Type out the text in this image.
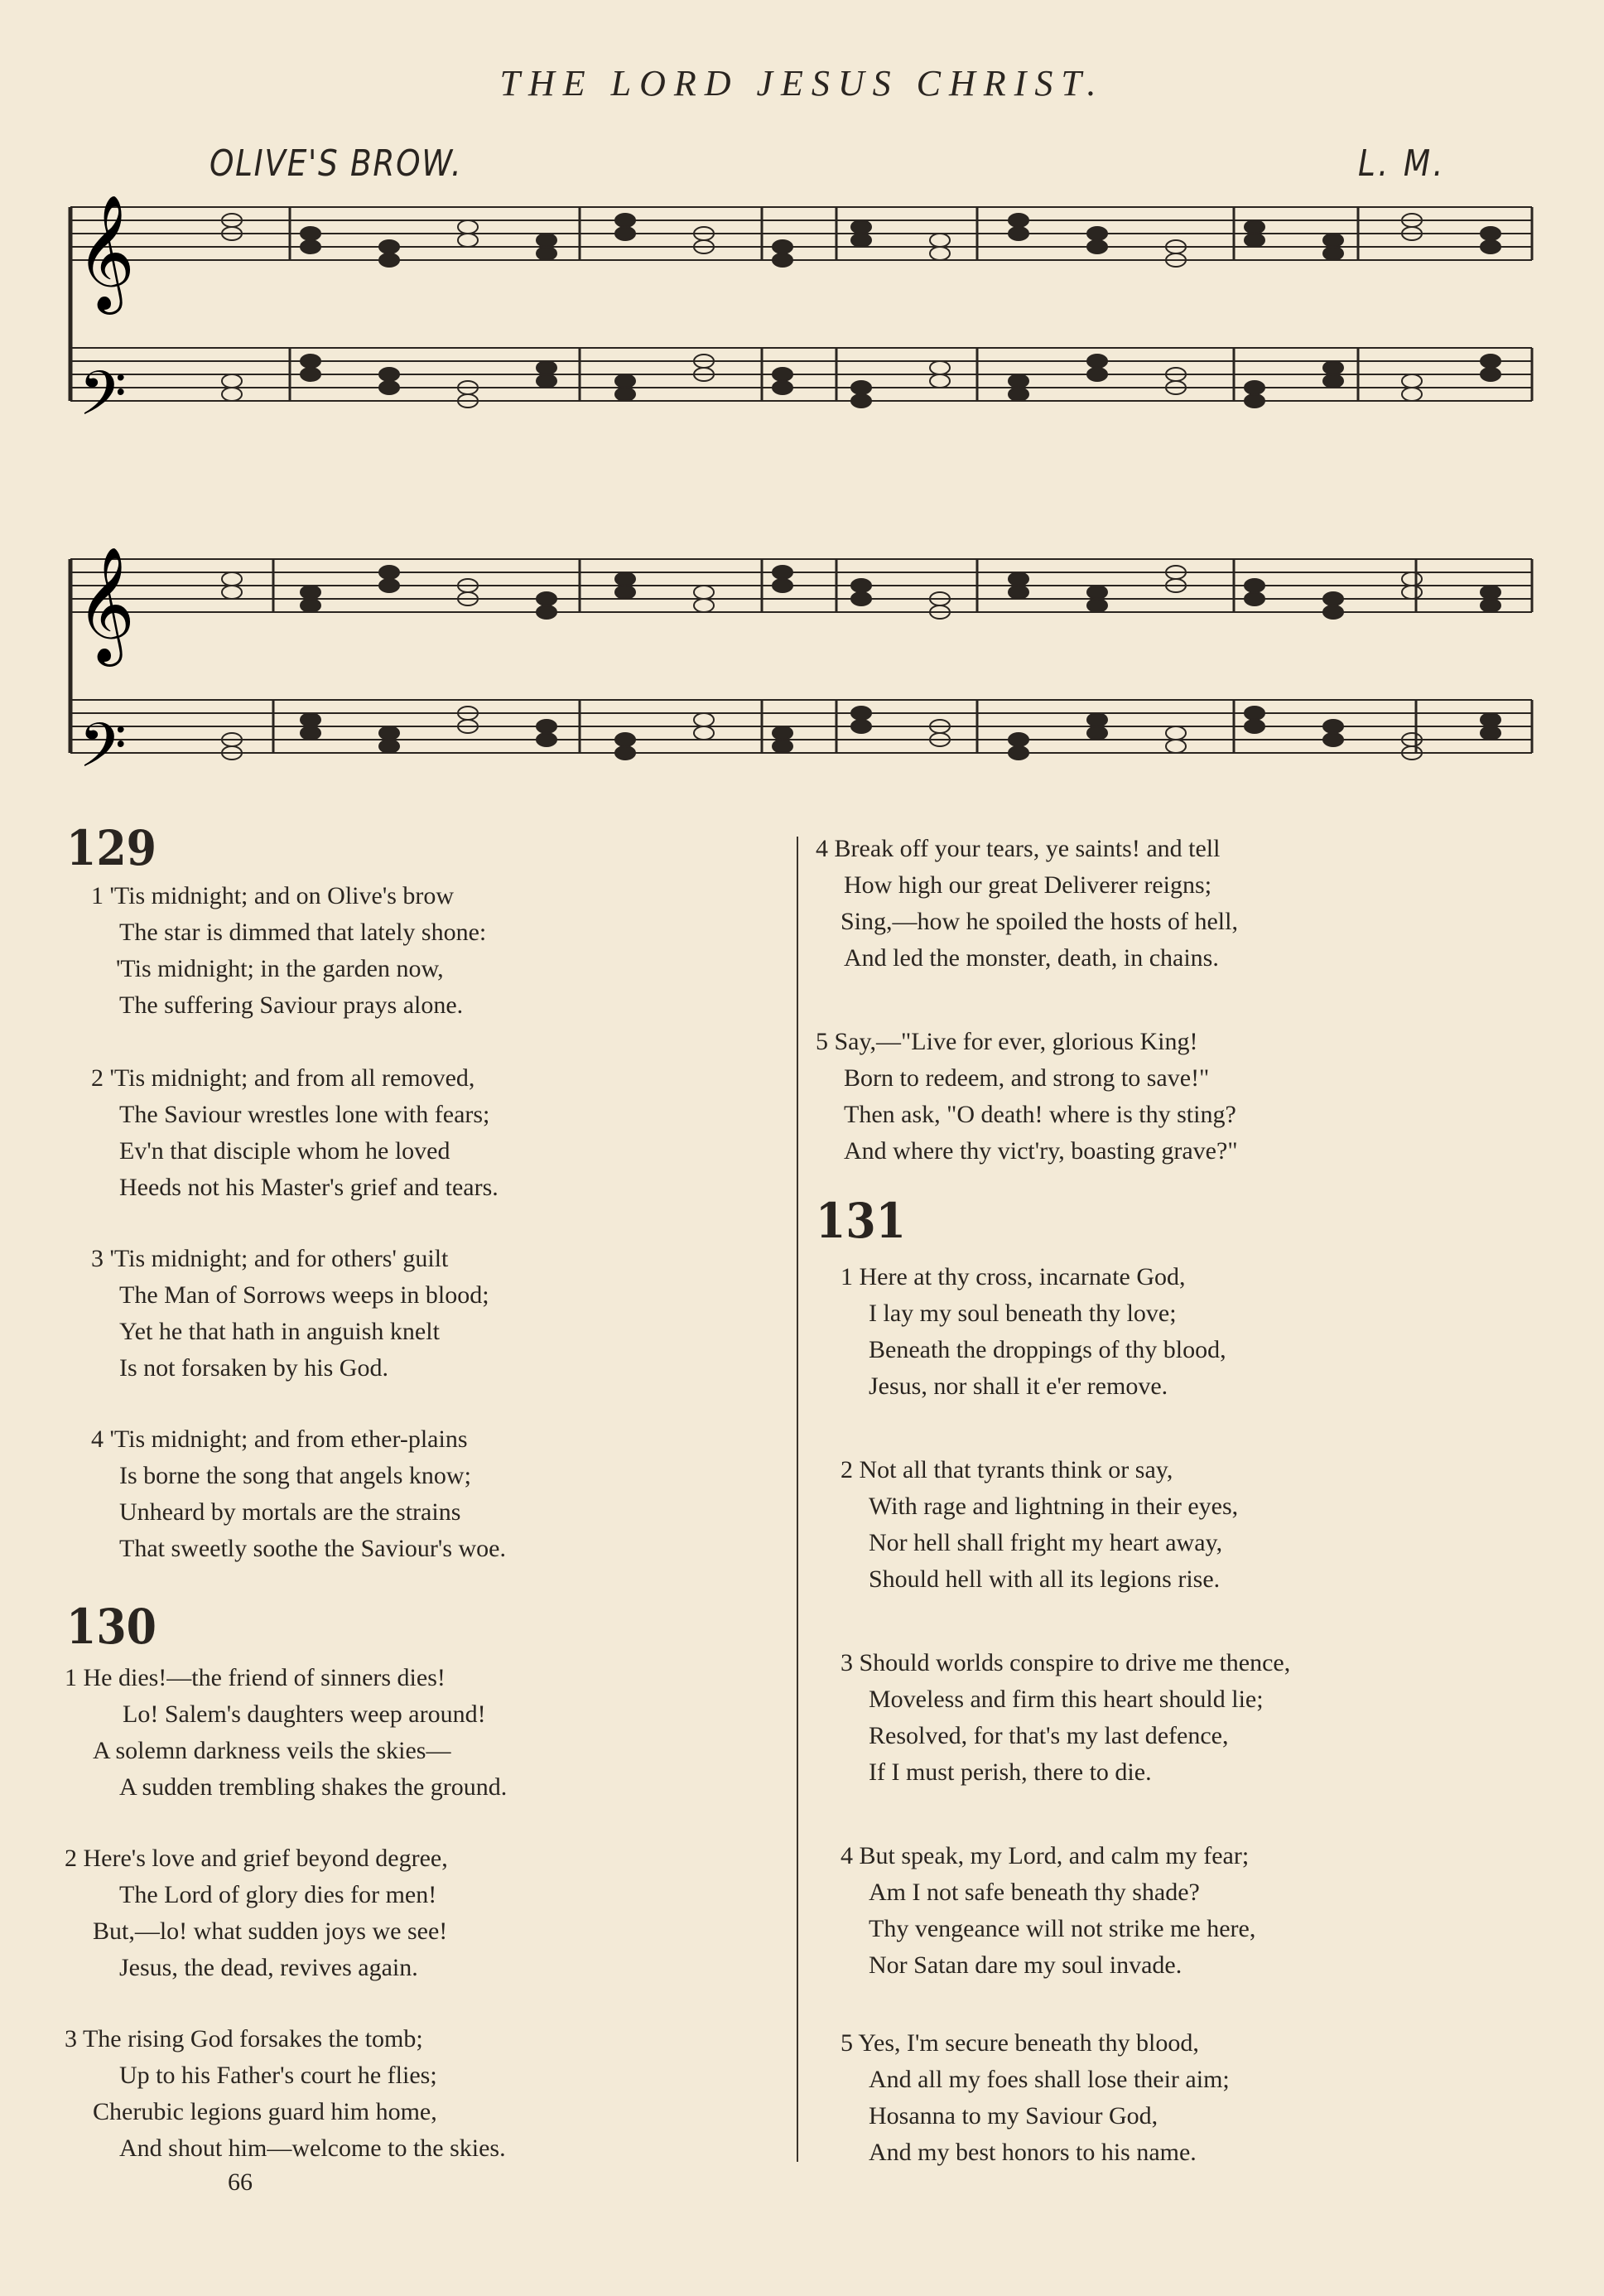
THE LORD JESUS CHRIST.
OLIVE'S BROW.	L. M.
𝄞
𝄢
𝄞
𝄢
129
1 'Tis midnight; and on Olive's brow
The star is dimmed that lately shone:
'Tis midnight; in the garden now,
The suffering Saviour prays alone.
2 'Tis midnight; and from all removed,
The Saviour wrestles lone with fears;
Ev'n that disciple whom he loved
Heeds not his Master's grief and tears.
3 'Tis midnight; and for others' guilt
The Man of Sorrows weeps in blood;
Yet he that hath in anguish knelt
Is not forsaken by his God.
4 'Tis midnight; and from ether-plains
Is borne the song that angels know;
Unheard by mortals are the strains
That sweetly soothe the Saviour's woe.
130
1 He dies!—the friend of sinners dies!
Lo! Salem's daughters weep around!
A solemn darkness veils the skies—
A sudden trembling shakes the ground.
2 Here's love and grief beyond degree,
The Lord of glory dies for men!
But,—lo! what sudden joys we see!
Jesus, the dead, revives again.
3 The rising God forsakes the tomb;
Up to his Father's court he flies;
Cherubic legions guard him home,
And shout him—welcome to the skies.
66
4 Break off your tears, ye saints! and tell
How high our great Deliverer reigns;
Sing,—how he spoiled the hosts of hell,
And led the monster, death, in chains.
5 Say,—"Live for ever, glorious King!
Born to redeem, and strong to save!"
Then ask, "O death! where is thy sting?
And where thy vict'ry, boasting grave?"
131
1 Here at thy cross, incarnate God,
I lay my soul beneath thy love;
Beneath the droppings of thy blood,
Jesus, nor shall it e'er remove.
2 Not all that tyrants think or say,
With rage and lightning in their eyes,
Nor hell shall fright my heart away,
Should hell with all its legions rise.
3 Should worlds conspire to drive me thence,
Moveless and firm this heart should lie;
Resolved, for that's my last defence,
If I must perish, there to die.
4 But speak, my Lord, and calm my fear;
Am I not safe beneath thy shade?
Thy vengeance will not strike me here,
Nor Satan dare my soul invade.
5 Yes, I'm secure beneath thy blood,
And all my foes shall lose their aim;
Hosanna to my Saviour God,
And my best honors to his name.
